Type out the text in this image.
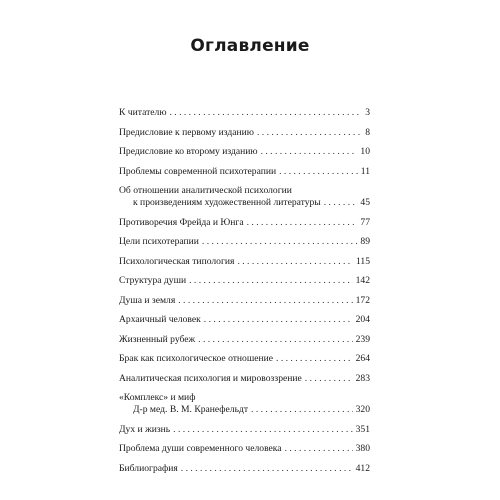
Оглавление
К читателю . . .	3
Предисловие к первому изданию . . .	8
Предисловие ко второму изданию . . .	10
Проблемы современной психотерапии . . .	11
Об отношении аналитической психологии
к произведениям художественной литературы . . .	45
Противоречия Фрейда и Юнга . . .	77
Цели психотерапии . . .	89
Психологическая типология . . .	115
Структура души . . .	142
Душа и земля . . .	172
Архаичный человек . . .	204
Жизненный рубеж . . .	239
Брак как психологическое отношение . . .	264
Аналитическая психология и мировоззрение . . .	283
«Комплекс» и миф
Д-р мед. В. М. Кранефельдт . . .	320
Дух и жизнь . . .	351
Проблема души современного человека . . .	380
Библиография . . .	412
